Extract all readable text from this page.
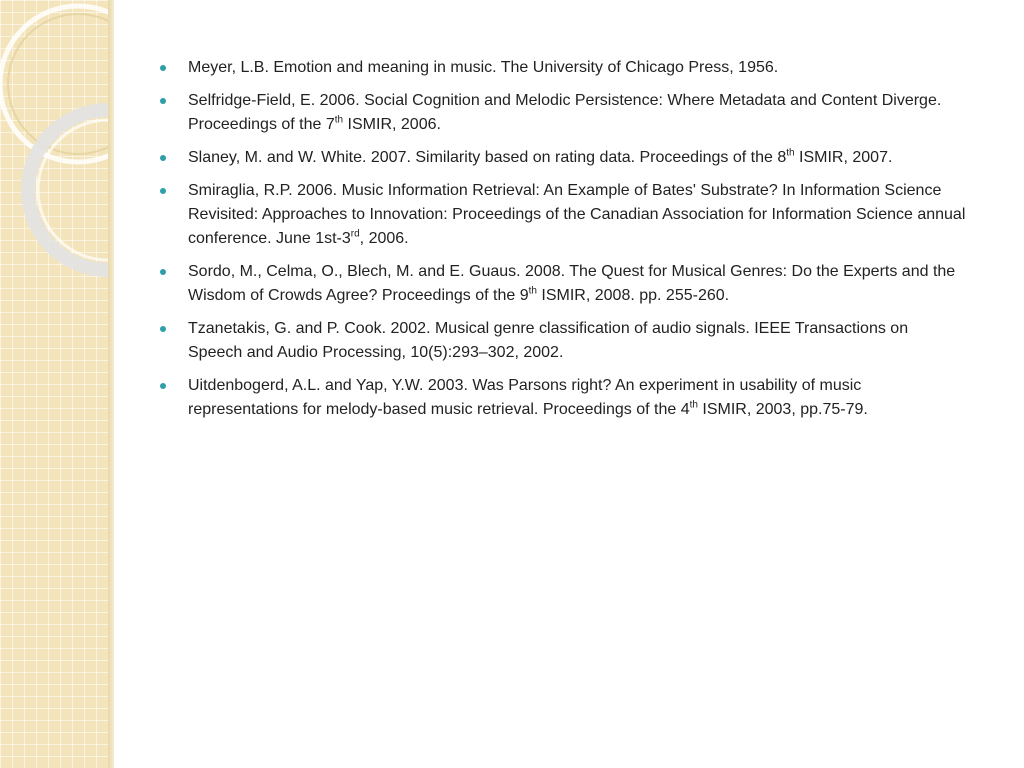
Meyer, L.B. Emotion and meaning in music. The University of Chicago Press, 1956.
Selfridge-Field, E. 2006. Social Cognition and Melodic Persistence: Where Metadata and Content Diverge. Proceedings of the 7th ISMIR, 2006.
Slaney, M. and W. White. 2007. Similarity based on rating data. Proceedings of the 8th ISMIR, 2007.
Smiraglia, R.P. 2006. Music Information Retrieval: An Example of Bates' Substrate? In Information Science Revisited: Approaches to Innovation: Proceedings of the Canadian Association for Information Science annual conference. June 1st-3rd, 2006.
Sordo, M., Celma, O., Blech, M. and E. Guaus. 2008. The Quest for Musical Genres: Do the Experts and the Wisdom of Crowds Agree? Proceedings of the 9th ISMIR, 2008. pp. 255-260.
Tzanetakis, G. and P. Cook. 2002. Musical genre classification of audio signals. IEEE Transactions on Speech and Audio Processing, 10(5):293–302, 2002.
Uitdenbogerd, A.L. and Yap, Y.W. 2003. Was Parsons right? An experiment in usability of music representations for melody-based music retrieval. Proceedings of the 4th ISMIR, 2003, pp.75-79.
